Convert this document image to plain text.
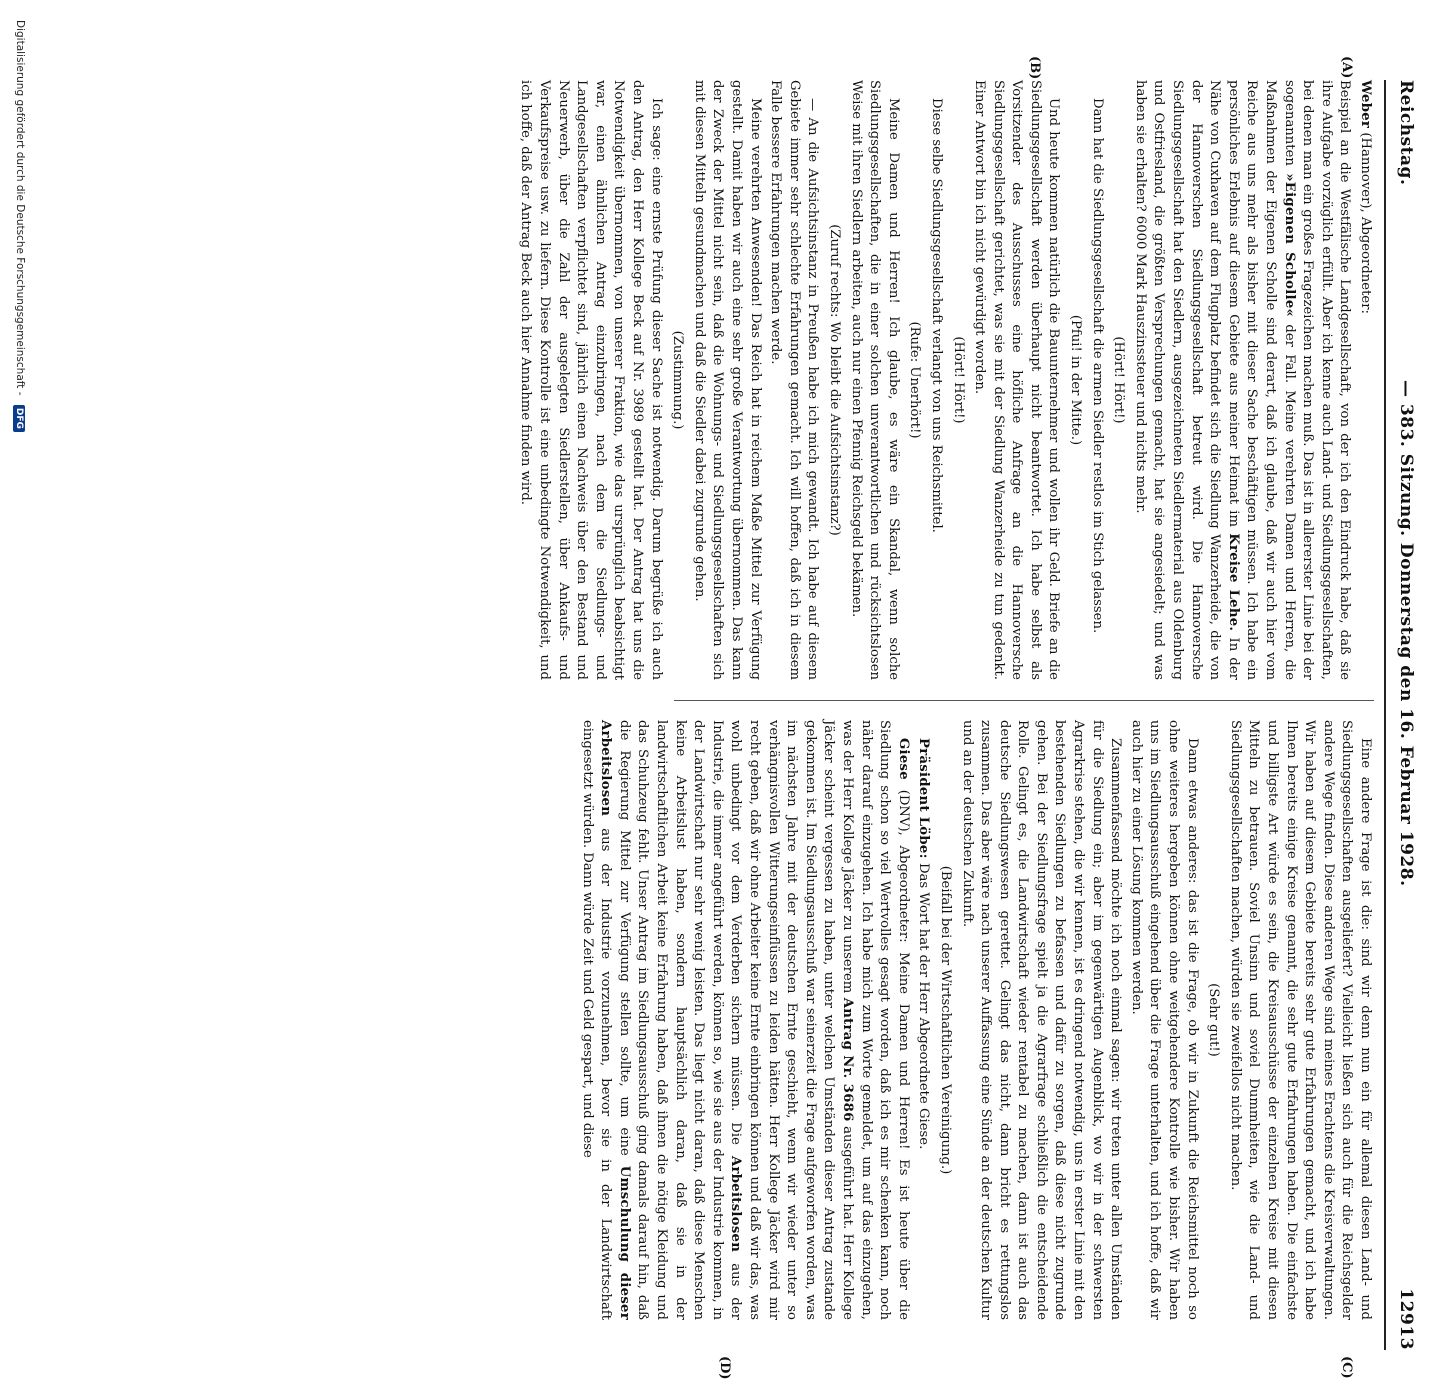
Reichstag.
— 383. Sitzung. Donnerstag den 16. Februar 1928.
12913
(A)
(B)
(C)
(D)

Weber (Hannover), Abgeordneter:

Beispiel an die Westfälische Landgesellschaft, von der ich den Eindruck habe, daß sie ihre Aufgabe vorzüglich erfüllt. Aber ich kenne auch Land- und Siedlungsgesellschaften, bei denen man ein großes Fragezeichen machen muß. Das ist in allererster Linie bei der sogenannten »Eigenen Scholle« der Fall. Meine verehrten Damen und Herren, die Maßnahmen der Eigenen Scholle sind derart, daß ich glaube, daß wir auch hier vom Reiche aus uns mehr als bisher mit dieser Sache beschäftigen müssen. Ich habe ein persönliches Erlebnis auf diesem Gebiete aus meiner Heimat im Kreise Lehe. In der Nähe von Cuxhaven auf dem Flugplatz befindet sich die Siedlung Wanzerheide, die von der Hannoverschen Siedlungsgesellschaft betreut wird. Die Hannoversche Siedlungsgesellschaft hat den Siedlern, ausgezeichneten Siedlermaterial aus Oldenburg und Ostfriesland, die größten Versprechungen gemacht, hat sie angesiedelt; und was haben sie erhalten? 6000 Mark Hauszinssteuer und nichts mehr.

(Hört! Hört!)

Dann hat die Siedlungsgesellschaft die armen Siedler restlos im Stich gelassen.

(Pfui! in der Mitte.)

Und heute kommen natürlich die Bauunternehmer und wollen ihr Geld. Briefe an die Siedlungsgesellschaft werden überhaupt nicht beantwortet. Ich habe selbst als Vorsitzender des Ausschusses eine höfliche Anfrage an die Hannoversche Siedlungsgesellschaft gerichtet, was sie mit der Siedlung Wanzerheide zu tun gedenkt. Einer Antwort bin ich nicht gewürdigt worden.

(Hört! Hört!)

Diese selbe Siedlungsgesellschaft verlangt von uns Reichsmittel.

(Rufe: Unerhört!)

Meine Damen und Herren! Ich glaube, es wäre ein Skandal, wenn solche Siedlungsgesellschaften, die in einer solchen unverantwortlichen und rücksichtslosen Weise mit ihren Siedlern arbeiten, auch nur einen Pfennig Reichsgeld bekämen.

(Zuruf rechts: Wo bleibt die Aufsichtsinstanz?)

— An die Aufsichtsinstanz in Preußen habe ich mich gewandt. Ich habe auf diesem Gebiete immer sehr schlechte Erfahrungen gemacht. Ich will hoffen, daß ich in diesem Falle bessere Erfahrungen machen werde.

Meine verehrten Anwesenden! Das Reich hat in reichem Maße Mittel zur Verfügung gestellt. Damit haben wir auch eine sehr große Verantwortung übernommen. Das kann der Zweck der Mittel nicht sein, daß die Wohnungs- und Siedlungsgesellschaften sich mit diesen Mitteln gesundmachen und daß die Siedler dabei zugrunde gehen.

(Zustimmung.)

Ich sage: eine ernste Prüfung dieser Sache ist notwendig. Darum begrüße ich auch den Antrag, den Herr Kollege Beck auf Nr. 3989 gestellt hat. Der Antrag hat uns die Notwendigkeit übernommen, von unserer Fraktion, wie das ursprünglich beabsichtigt war, einen ähnlichen Antrag einzubringen, nach dem die Siedlungs- und Landgesellschaften verpflichtet sind, jährlich einen Nachweis über den Bestand und Neuerwerb, über die Zahl der ausgelegten Siedlerstellen, über Ankaufs- und Verkaufspreise usw. zu liefern. Diese Kontrolle ist eine unbedingte Notwendigkeit, und ich hoffe, daß der Antrag Beck auch hier Annahme finden wird.

Eine andere Frage ist die: sind wir denn nun ein für allemal diesen Land- und Siedlungsgesellschaften ausgeliefert? Vielleicht ließen sich auch für die Reichsgelder andere Wege finden. Diese anderen Wege sind meines Erachtens die Kreisverwaltungen. Wir haben auf diesem Gebiete bereits sehr gute Erfahrungen gemacht, und ich habe Ihnen bereits einige Kreise genannt, die sehr gute Erfahrungen haben. Die einfachste und billigste Art würde es sein, die Kreisausschüsse der einzelnen Kreise mit diesen Mitteln zu betrauen. Soviel Unsinn und soviel Dummheiten, wie die Land- und Siedlungsgesellschaften machen, würden sie zweifellos nicht machen.

(Sehr gut!)

Dann etwas anderes: das ist die Frage, ob wir in Zukunft die Reichsmittel noch so ohne weiteres hergeben können ohne weitgehendere Kontrolle wie bisher. Wir haben uns im Siedlungsausschuß eingehend über die Frage unterhalten, und ich hoffe, daß wir auch hier zu einer Lösung kommen werden.

Zusammenfassend möchte ich noch einmal sagen: wir treten unter allen Umständen für die Siedlung ein; aber im gegenwärtigen Augenblick, wo wir in der schwersten Agrarkrise stehen, die wir kennen, ist es dringend notwendig, uns in erster Linie mit den bestehenden Siedlungen zu befassen und dafür zu sorgen, daß diese nicht zugrunde gehen. Bei der Siedlungsfrage spielt ja die Agrarfrage schließlich die entscheidende Rolle. Gelingt es, die Landwirtschaft wieder rentabel zu machen, dann ist auch das deutsche Siedlungswesen gerettet. Gelingt das nicht, dann bricht es rettungslos zusammen. Das aber wäre nach unserer Auffassung eine Sünde an der deutschen Kultur und an der deutschen Zukunft.

(Beifall bei der Wirtschaftlichen Vereinigung.)

Präsident Löbe: Das Wort hat der Herr Abgeordnete Giese.

Giese (DNV), Abgeordneter: Meine Damen und Herren! Es ist heute über die Siedlung schon so viel Wertvolles gesagt worden, daß ich es mir schenken kann, noch näher darauf einzugehen. Ich habe mich zum Worte gemeldet, um auf das einzugehen, was der Herr Kollege Jäcker zu unserem Antrag Nr. 3686 ausgeführt hat. Herr Kollege Jäcker scheint vergessen zu haben, unter welchen Umständen dieser Antrag zustande gekommen ist. Im Siedlungsausschuß war seinerzeit die Frage aufgeworfen worden, was im nächsten Jahre mit der deutschen Ernte geschieht, wenn wir wieder unter so verhängnisvollen Witterungseinflüssen zu leiden hätten. Herr Kollege Jäcker wird mir recht geben, daß wir ohne Arbeiter keine Ernte einbringen können und daß wir das, was wohl unbedingt vor dem Verderben sichern müssen. Die Arbeitslosen aus der Industrie, die immer angeführt werden, können so, wie sie aus der Industrie kommen, in der Landwirtschaft nur sehr wenig leisten. Das liegt nicht daran, daß diese Menschen keine Arbeitslust haben, sondern hauptsächlich daran, daß sie in der landwirtschaftlichen Arbeit keine Erfahrung haben, daß ihnen die nötige Kleidung und das Schuhzeug fehlt. Unser Antrag im Siedlungsausschuß ging damals darauf hin, daß die Regierung Mittel zur Verfügung stellen sollte, um eine Umschulung dieser Arbeitslosen aus der Industrie vorzunehmen, bevor sie in der Landwirtschaft eingesetzt würden. Dann würde Zeit und Geld gespart, und diese

Digitalisierung gefördert durch die Deutsche Forschungsgemeinschaft - DFG
